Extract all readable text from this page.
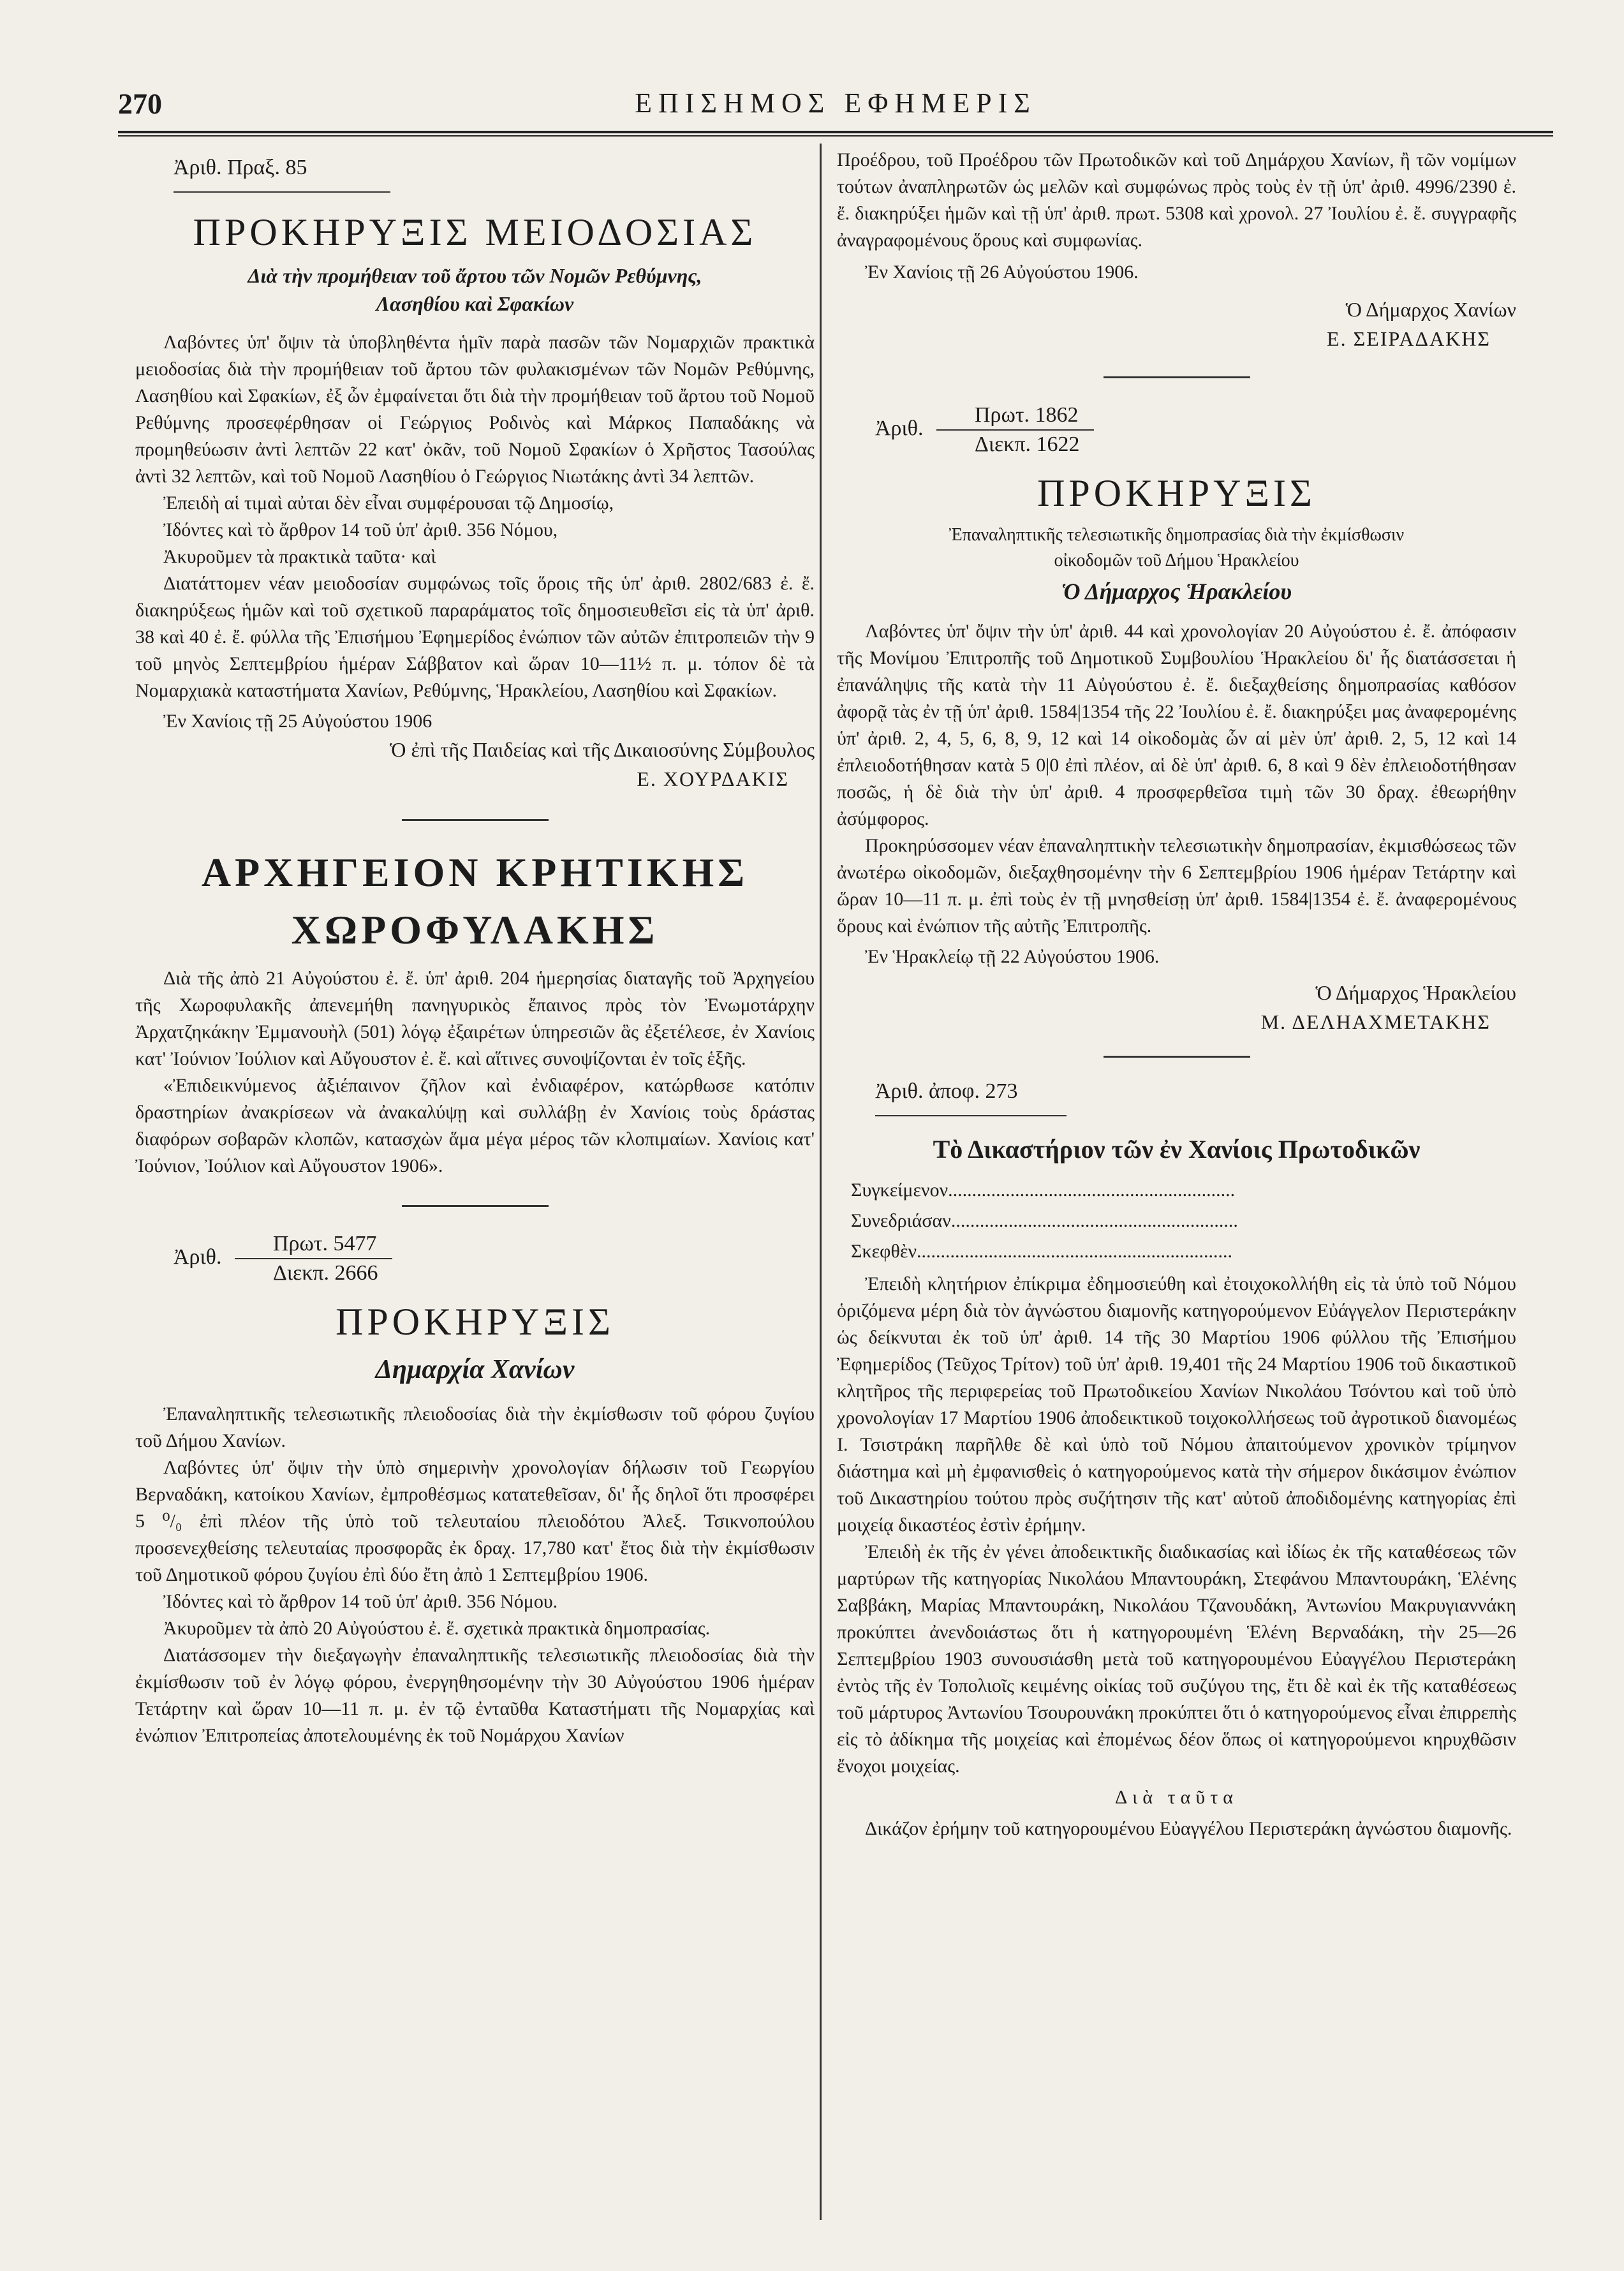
270	ΕΠΙΣΗΜΟΣ ΕΦΗΜΕΡΙΣ

Ἀριθ. Πραξ. 85

ΠΡΟΚΗΡΥΞΙΣ ΜΕΙΟΔΟΣΙΑΣ

Διὰ τὴν προμήθειαν τοῦ ἄρτου τῶν Νομῶν Ρεθύμνης,

Λασηθίου καὶ Σφακίων

Λαβόντες ὑπ' ὄψιν τὰ ὑποβληθέντα ἡμῖν παρὰ πασῶν τῶν Νομαρχιῶν πρακτικὰ μειοδοσίας διὰ τὴν προμήθειαν τοῦ ἄρτου τῶν φυλακισμένων τῶν Νομῶν Ρεθύμνης, Λασηθίου καὶ Σφακίων, ἐξ ὧν ἐμφαίνεται ὅτι διὰ τὴν προμήθειαν τοῦ ἄρτου τοῦ Νομοῦ Ρεθύμνης προσεφέρθησαν οἱ Γεώργιος Ροδινὸς καὶ Μάρκος Παπαδάκης νὰ προμηθεύωσιν ἀντὶ λεπτῶν 22 κατ' ὀκᾶν, τοῦ Νομοῦ Σφακίων ὁ Χρῆστος Τασούλας ἀντὶ 32 λεπτῶν, καὶ τοῦ Νομοῦ Λασηθίου ὁ Γεώργιος Νιωτάκης ἀντὶ 34 λεπτῶν.

Ἐπειδὴ αἱ τιμαὶ αὐται δὲν εἶναι συμφέρουσαι τῷ Δημοσίῳ,

Ἰδόντες καὶ τὸ ἄρθρον 14 τοῦ ὑπ' ἀριθ. 356 Νόμου,

Ἀκυροῦμεν τὰ πρακτικὰ ταῦτα· καὶ

Διατάττομεν νέαν μειοδοσίαν συμφώνως τοῖς ὅροις τῆς ὑπ' ἀριθ. 2802/683 ἐ. ἔ. διακηρύξεως ἡμῶν καὶ τοῦ σχετικοῦ παραράματος τοῖς δημοσιευθεῖσι εἰς τὰ ὑπ' ἀριθ. 38 καὶ 40 ἐ. ἔ. φύλλα τῆς Ἐπισήμου Ἐφημερίδος ἐνώπιον τῶν αὐτῶν ἐπιτροπειῶν τὴν 9 τοῦ μηνὸς Σεπτεμβρίου ἡμέραν Σάββατον καὶ ὥραν 10—11½ π. μ. τόπον δὲ τὰ Νομαρχιακὰ καταστήματα Χανίων, Ρεθύμνης, Ἡρακλείου, Λασηθίου καὶ Σφακίων.

Ἐν Χανίοις τῇ 25 Αὐγούστου 1906

Ὁ ἐπὶ τῆς Παιδείας καὶ τῆς Δικαιοσύνης Σύμβουλος

Ε. ΧΟΥΡΔΑΚΙΣ

ΑΡΧΗΓΕΙΟΝ ΚΡΗΤΙΚΗΣ ΧΩΡΟΦΥΛΑΚΗΣ

Διὰ τῆς ἀπὸ 21 Αὐγούστου ἐ. ἔ. ὑπ' ἀριθ. 204 ἡμερησίας διαταγῆς τοῦ Ἀρχηγείου τῆς Χωροφυλακῆς ἀπενεμήθη πανηγυρικὸς ἔπαινος πρὸς τὸν Ἐνωμοτάρχην Ἀρχατζηκάκην Ἐμμανουὴλ (501) λόγῳ ἐξαιρέτων ὑπηρεσιῶν ἃς ἐξετέλεσε, ἐν Χανίοις κατ' Ἰούνιον Ἰούλιον καὶ Αὔγουστον ἐ. ἔ. καὶ αἵτινες συνοψίζονται ἐν τοῖς ἑξῆς.

«Ἐπιδεικνύμενος ἀξιέπαινον ζῆλον καὶ ἐνδιαφέρον, κατώρθωσε κατόπιν δραστηρίων ἀνακρίσεων νὰ ἀνακαλύψῃ καὶ συλλάβῃ ἐν Χανίοις τοὺς δράστας διαφόρων σοβαρῶν κλοπῶν, κατασχὼν ἅμα μέγα μέρος τῶν κλοπιμαίων. Χανίοις κατ' Ἰούνιον, Ἰούλιον καὶ Αὔγουστον 1906».

Ἀριθ. $\frac{\text{Πρωτ. 5477}}{\text{Διεκπ. 2666}}$

ΠΡΟΚΗΡΥΞΙΣ

Δημαρχία Χανίων

Ἐπαναληπτικῆς τελεσιωτικῆς πλειοδοσίας διὰ τὴν ἐκμίσθωσιν τοῦ φόρου ζυγίου τοῦ Δήμου Χανίων.

Λαβόντες ὑπ' ὄψιν τὴν ὑπὸ σημερινὴν χρονολογίαν δήλωσιν τοῦ Γεωργίου Βερναδάκη, κατοίκου Χανίων, ἐμπροθέσμως κατατεθεῖσαν, δι' ἧς δηλοῖ ὅτι προσφέρει 5 ⁰/₀ ἐπὶ πλέον τῆς ὑπὸ τοῦ τελευταίου πλειοδότου Ἀλεξ. Τσικνοπούλου προσενεχθείσης τελευταίας προσφορᾶς ἐκ δραχ. 17,780 κατ' ἔτος διὰ τὴν ἐκμίσθωσιν τοῦ Δημοτικοῦ φόρου ζυγίου ἐπὶ δύο ἔτη ἀπὸ 1 Σεπτεμβρίου 1906.

Ἰδόντες καὶ τὸ ἄρθρον 14 τοῦ ὑπ' ἀριθ. 356 Νόμου.

Ἀκυροῦμεν τὰ ἀπὸ 20 Αὐγούστου ἐ. ἔ. σχετικὰ πρακτικὰ δημοπρασίας.

Διατάσσομεν τὴν διεξαγωγὴν ἐπαναληπτικῆς τελεσιωτικῆς πλειοδοσίας διὰ τὴν ἐκμίσθωσιν τοῦ ἐν λόγῳ φόρου, ἐνεργηθησομένην τὴν 30 Αὐγούστου 1906 ἡμέραν Τετάρτην καὶ ὥραν 10—11 π. μ. ἐν τῷ ἐνταῦθα Καταστήματι τῆς Νομαρχίας καὶ ἐνώπιον Ἐπιτροπείας ἀποτελουμένης ἐκ τοῦ Νομάρχου Χανίων

Προέδρου, τοῦ Προέδρου τῶν Πρωτοδικῶν καὶ τοῦ Δημάρχου Χανίων, ἢ τῶν νομίμων τούτων ἀναπληρωτῶν ὡς μελῶν καὶ συμφώνως πρὸς τοὺς ἐν τῇ ὑπ' ἀριθ. 4996/2390 ἐ. ἔ. διακηρύξει ἡμῶν καὶ τῇ ὑπ' ἀριθ. πρωτ. 5308 καὶ χρονολ. 27 Ἰουλίου ἐ. ἔ. συγγραφῆς ἀναγραφομένους ὅρους καὶ συμφωνίας.

Ἐν Χανίοις τῇ 26 Αὐγούστου 1906.

Ὁ Δήμαρχος Χανίων

Ε. ΣΕΙΡΑΔΑΚΗΣ

Ἀριθ. $\frac{\text{Πρωτ. 1862}}{\text{Διεκπ. 1622}}$

ΠΡΟΚΗΡΥΞΙΣ

Ἐπαναληπτικῆς τελεσιωτικῆς δημοπρασίας διὰ τὴν ἐκμίσθωσιν

οἰκοδομῶν τοῦ Δήμου Ἡρακλείου

Ὁ Δήμαρχος Ἡρακλείου

Λαβόντες ὑπ' ὄψιν τὴν ὑπ' ἀριθ. 44 καὶ χρονολογίαν 20 Αὐγούστου ἐ. ἔ. ἀπόφασιν τῆς Μονίμου Ἐπιτροπῆς τοῦ Δημοτικοῦ Συμβουλίου Ἡρακλείου δι' ἧς διατάσσεται ἡ ἐπανάληψις τῆς κατὰ τὴν 11 Αὐγούστου ἐ. ἔ. διεξαχθείσης δημοπρασίας καθόσον ἀφορᾷ τὰς ἐν τῇ ὑπ' ἀριθ. 1584|1354 τῆς 22 Ἰουλίου ἐ. ἔ. διακηρύξει μας ἀναφερομένης ὑπ' ἀριθ. 2, 4, 5, 6, 8, 9, 12 καὶ 14 οἰκοδομὰς ὧν αἱ μὲν ὑπ' ἀριθ. 2, 5, 12 καὶ 14 ἐπλειοδοτήθησαν κατὰ 5 0|0 ἐπὶ πλέον, αἱ δὲ ὑπ' ἀριθ. 6, 8 καὶ 9 δὲν ἐπλειοδοτήθησαν ποσῶς, ἡ δὲ διὰ τὴν ὑπ' ἀριθ. 4 προσφερθεῖσα τιμὴ τῶν 30 δραχ. ἐθεωρήθην ἀσύμφορος.

Προκηρύσσομεν νέαν ἐπαναληπτικὴν τελεσιωτικὴν δημοπρασίαν, ἐκμισθώσεως τῶν ἀνωτέρω οἰκοδομῶν, διεξαχθησομένην τὴν 6 Σεπτεμβρίου 1906 ἡμέραν Τετάρτην καὶ ὥραν 10—11 π. μ. ἐπὶ τοὺς ἐν τῇ μνησθείσῃ ὑπ' ἀριθ. 1584|1354 ἐ. ἔ. ἀναφερομένους ὅρους καὶ ἐνώπιον τῆς αὐτῆς Ἐπιτροπῆς.

Ἐν Ἡρακλείῳ τῇ 22 Αὐγούστου 1906.

Ὁ Δήμαρχος Ἡρακλείου

Μ. ΔΕΛΗΑΧΜΕΤΑΚΗΣ

Ἀριθ. ἀποφ. 273

Τὸ Δικαστήριον τῶν ἐν Χανίοις Πρωτοδικῶν

Συγκείμενον............................................................

Συνεδριάσαν............................................................

Σκεφθὲν..................................................................

Ἐπειδὴ κλητήριον ἐπίκριμα ἐδημοσιεύθη καὶ ἐτοιχοκολλήθη εἰς τὰ ὑπὸ τοῦ Νόμου ὁριζόμενα μέρη διὰ τὸν ἀγνώστου διαμονῆς κατηγορούμενον Εὐάγγελον Περιστεράκην ὡς δείκνυται ἐκ τοῦ ὑπ' ἀριθ. 14 τῆς 30 Μαρτίου 1906 φύλλου τῆς Ἐπισήμου Ἐφημερίδος (Τεῦχος Τρίτον) τοῦ ὑπ' ἀριθ. 19,401 τῆς 24 Μαρτίου 1906 τοῦ δικαστικοῦ κλητῆρος τῆς περιφερείας τοῦ Πρωτοδικείου Χανίων Νικολάου Τσόντου καὶ τοῦ ὑπὸ χρονολογίαν 17 Μαρτίου 1906 ἀποδεικτικοῦ τοιχοκολλήσεως τοῦ ἀγροτικοῦ διανομέως Ι. Τσιστράκη παρῆλθε δὲ καὶ ὑπὸ τοῦ Νόμου ἀπαιτούμενον χρονικὸν τρίμηνον διάστημα καὶ μὴ ἐμφανισθεὶς ὁ κατηγορούμενος κατὰ τὴν σήμερον δικάσιμον ἐνώπιον τοῦ Δικαστηρίου τούτου πρὸς συζήτησιν τῆς κατ' αὐτοῦ ἀποδιδομένης κατηγορίας ἐπὶ μοιχείᾳ δικαστέος ἐστὶν ἐρήμην.

Ἐπειδὴ ἐκ τῆς ἐν γένει ἀποδεικτικῆς διαδικασίας καὶ ἰδίως ἐκ τῆς καταθέσεως τῶν μαρτύρων τῆς κατηγορίας Νικολάου Μπαντουράκη, Στεφάνου Μπαντουράκη, Ἑλένης Σαββάκη, Μαρίας Μπαντουράκη, Νικολάου Τζανουδάκη, Ἀντωνίου Μακρυγιαννάκη προκύπτει ἀνενδοιάστως ὅτι ἡ κατηγορουμένη Ἑλένη Βερναδάκη, τὴν 25—26 Σεπτεμβρίου 1903 συνουσιάσθη μετὰ τοῦ κατηγορουμένου Εὐαγγέλου Περιστεράκη ἐντὸς τῆς ἐν Τοπολιοῖς κειμένης οἰκίας τοῦ συζύγου της, ἔτι δὲ καὶ ἐκ τῆς καταθέσεως τοῦ μάρτυρος Ἀντωνίου Τσουρουνάκη προκύπτει ὅτι ὁ κατηγορούμενος εἶναι ἐπιρρεπὴς εἰς τὸ ἀδίκημα τῆς μοιχείας καὶ ἐπομένως δέον ὅπως οἱ κατηγορούμενοι κηρυχθῶσιν ἔνοχοι μοιχείας.

Διὰ ταῦτα

Δικάζον ἐρήμην τοῦ κατηγορουμένου Εὐαγγέλου Περιστεράκη ἀγνώστου διαμονῆς.
